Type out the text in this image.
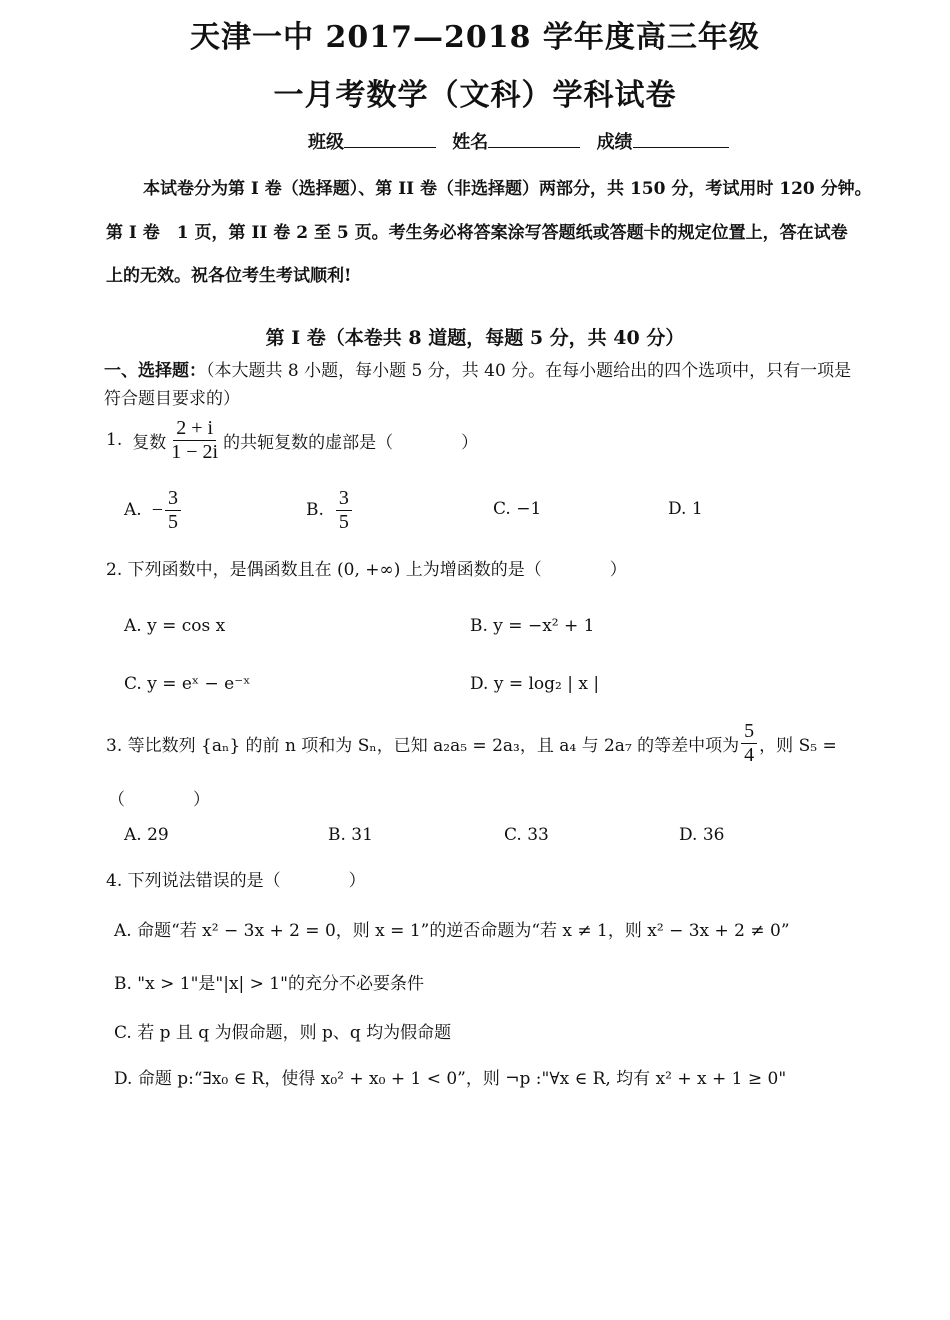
天津一中 2017—2018 学年度高三年级
一月考数学（文科）学科试卷
班级	姓名	成绩
本试卷分为第 I 卷（选择题）、第 II 卷（非选择题）两部分，共 150 分，考试用时 120 分钟。
第 I 卷　1 页，第 II 卷 2 至 5 页。考生务必将答案涂写答题纸或答题卡的规定位置上，答在试卷
上的无效。祝各位考生考试顺利!
第 I 卷（本卷共 8 道题，每题 5 分，共 40 分）
一、选择题：（本大题共 8 小题，每小题 5 分，共 40 分。在每小题给出的四个选项中，只有一项是
符合题目要求的）
1. 复数 $\frac{2 + i}{1 - 2i}$ 的共轭复数的虚部是（　　　　）
A. − $\frac{3}{5}$	B. $\frac{3}{5}$	C. −1	D. 1
2. 下列函数中，是偶函数且在 (0, +∞) 上为增函数的是（　　　　）
A. y = cos x	B. y = −x² + 1
C. y = eˣ − e⁻ˣ	D. y = log₂ | x |
3. 等比数列 {aₙ} 的前 n 项和为 Sₙ，已知 a₂a₅ = 2a₃，且 a₄ 与 2a₇ 的等差中项为 $\frac{5}{4}$ ，则 S₅ =
（　　　　）
A. 29	B. 31	C. 33	D. 36
4. 下列说法错误的是（　　　　）
A. 命题“若 x² − 3x + 2 = 0，则 x = 1”的逆否命题为“若 x ≠ 1，则 x² − 3x + 2 ≠ 0”
B. "x > 1"是"|x| > 1"的充分不必要条件
C. 若 p 且 q 为假命题，则 p、q 均为假命题
D. 命题 p:“∃x₀ ∈ R，使得 x₀² + x₀ + 1 < 0”，则 ¬p :"∀x ∈ R, 均有 x² + x + 1 ≥ 0"
